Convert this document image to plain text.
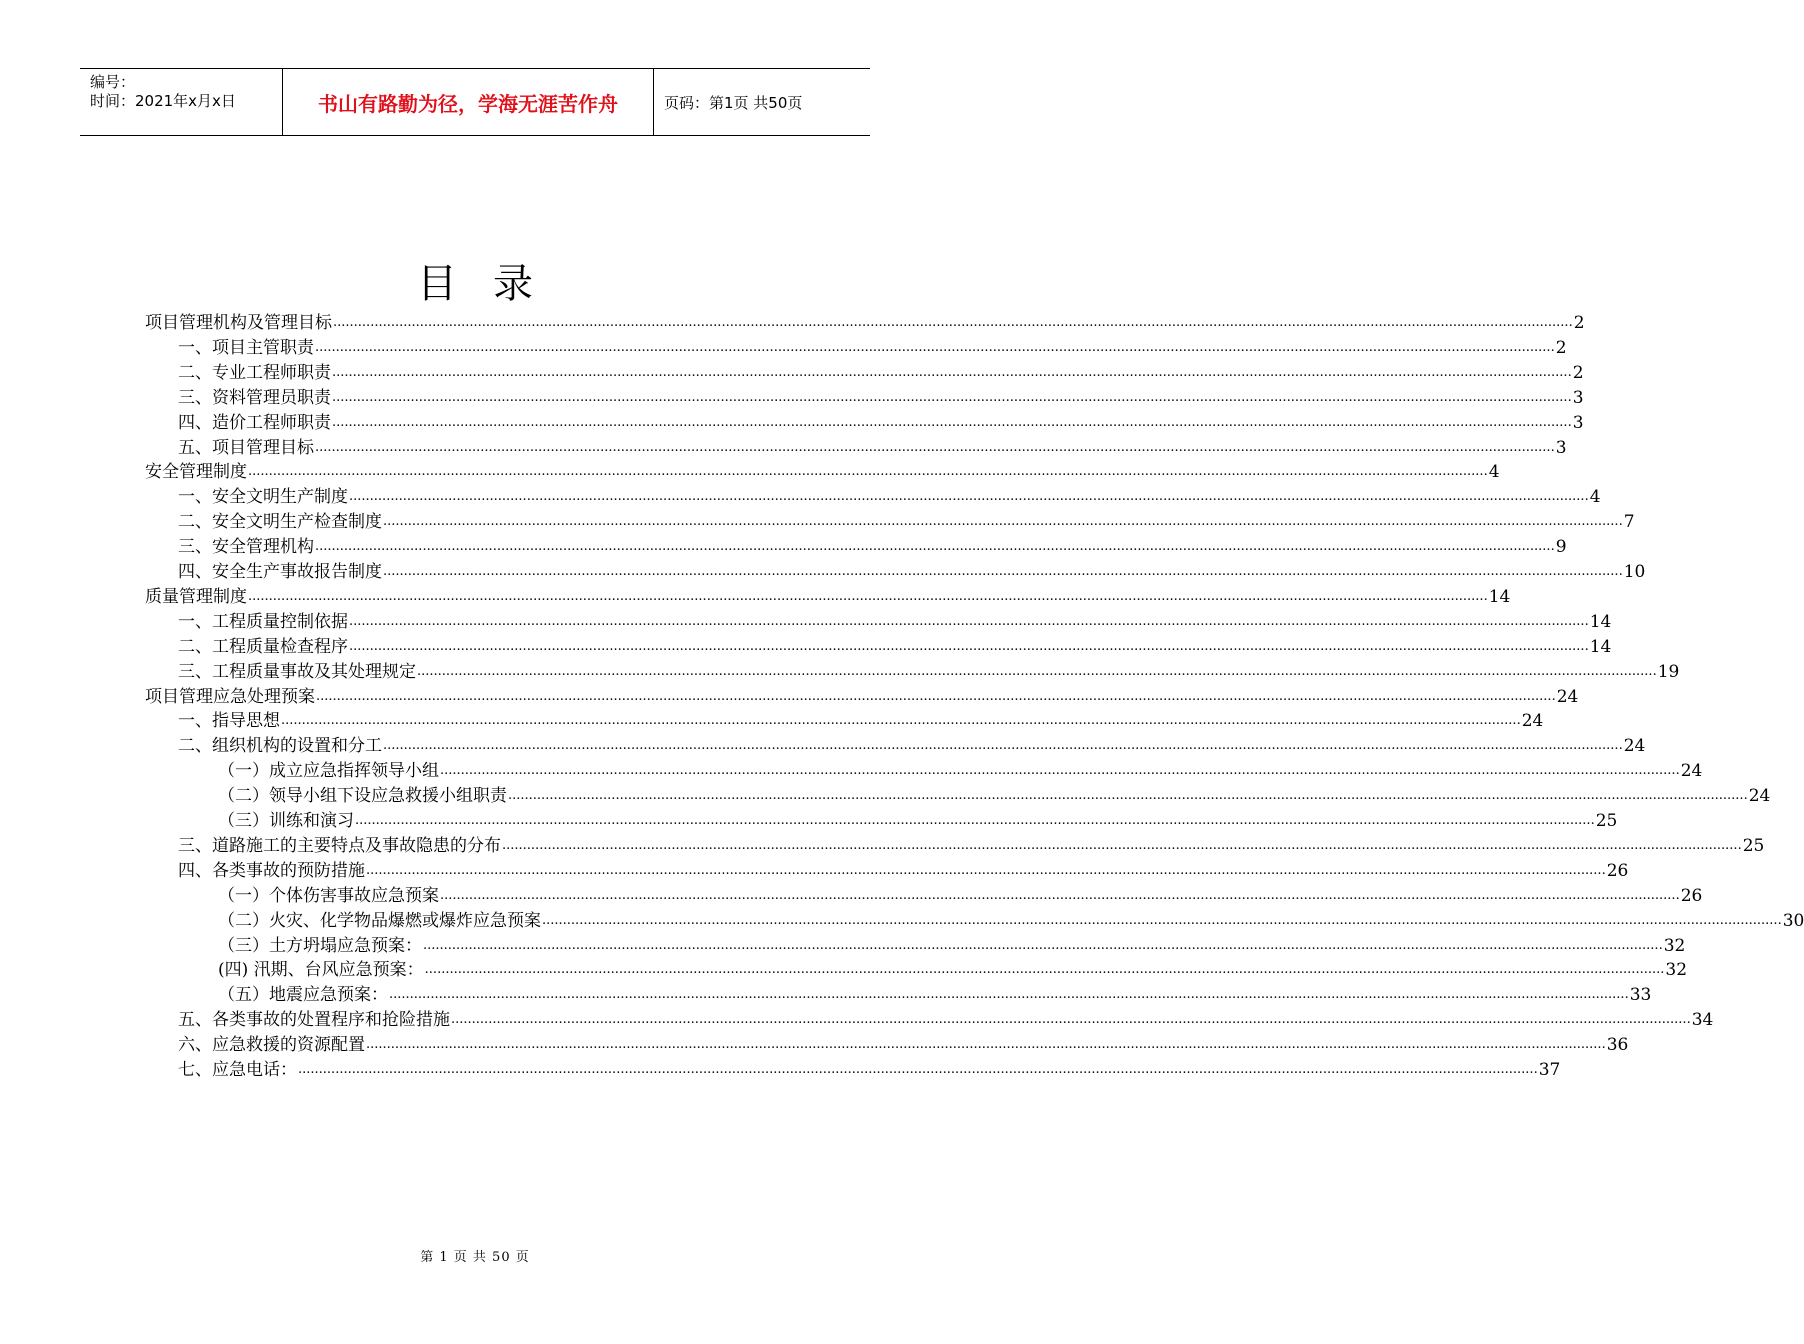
编号：
时间：2021年x月x日	书山有路勤为径，学海无涯苦作舟	页码：第1页 共50页
目录
项目管理机构及管理目标 ............................................................................................................................................................................................................................................................................................................ 2
一、项目主管职责 ............................................................................................................................................................................................................................................................................................................ 2
二、专业工程师职责 ............................................................................................................................................................................................................................................................................................................ 2
三、资料管理员职责 ............................................................................................................................................................................................................................................................................................................ 3
四、造价工程师职责 ............................................................................................................................................................................................................................................................................................................ 3
五、项目管理目标 ............................................................................................................................................................................................................................................................................................................ 3
安全管理制度 ............................................................................................................................................................................................................................................................................................................ 4
一、安全文明生产制度 ............................................................................................................................................................................................................................................................................................................ 4
二、安全文明生产检查制度 ............................................................................................................................................................................................................................................................................................................ 7
三、安全管理机构 ............................................................................................................................................................................................................................................................................................................ 9
四、安全生产事故报告制度 ............................................................................................................................................................................................................................................................................................................ 10
质量管理制度 ............................................................................................................................................................................................................................................................................................................ 14
一、工程质量控制依据 ............................................................................................................................................................................................................................................................................................................ 14
二、工程质量检查程序 ............................................................................................................................................................................................................................................................................................................ 14
三、工程质量事故及其处理规定 ............................................................................................................................................................................................................................................................................................................ 19
项目管理应急处理预案 ............................................................................................................................................................................................................................................................................................................ 24
一、指导思想 ............................................................................................................................................................................................................................................................................................................ 24
二、组织机构的设置和分工 ............................................................................................................................................................................................................................................................................................................ 24
（一）成立应急指挥领导小组 ............................................................................................................................................................................................................................................................................................................ 24
（二）领导小组下设应急救援小组职责 ............................................................................................................................................................................................................................................................................................................ 24
（三）训练和演习 ............................................................................................................................................................................................................................................................................................................ 25
三、道路施工的主要特点及事故隐患的分布 ............................................................................................................................................................................................................................................................................................................ 25
四、各类事故的预防措施 ............................................................................................................................................................................................................................................................................................................ 26
（一）个体伤害事故应急预案 ............................................................................................................................................................................................................................................................................................................ 26
（二）火灾、化学物品爆燃或爆炸应急预案 ............................................................................................................................................................................................................................................................................................................ 30
（三）土方坍塌应急预案： ............................................................................................................................................................................................................................................................................................................ 32
(四) 汛期、台风应急预案： ............................................................................................................................................................................................................................................................................................................ 32
（五）地震应急预案： ............................................................................................................................................................................................................................................................................................................ 33
五、各类事故的处置程序和抢险措施 ............................................................................................................................................................................................................................................................................................................ 34
六、应急救援的资源配置 ............................................................................................................................................................................................................................................................................................................ 36
七、应急电话： ............................................................................................................................................................................................................................................................................................................ 37
第 1 页 共 50 页
